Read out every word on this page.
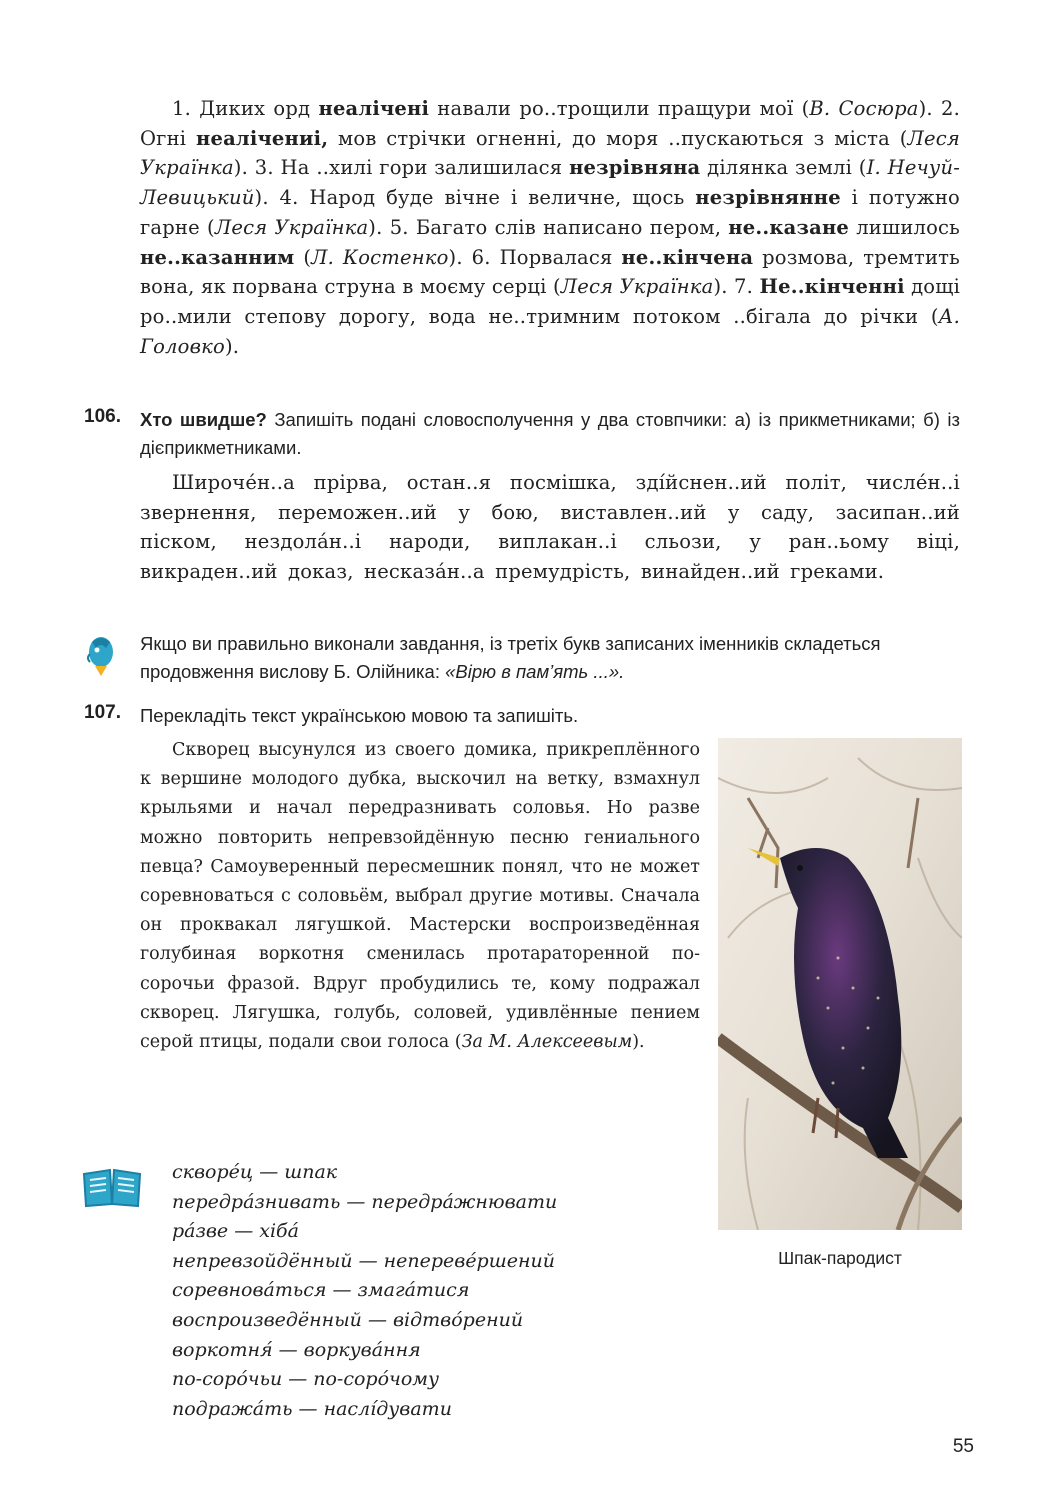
1. Диких орд неалічені навали ро..трощили пращури мої (В. Сосюра). 2. Огні неалічениі, мов стрічки огненні, до моря ..пускаються з міста (Леся Українка). 3. На ..хилі гори залишилася незрівняна ділянка землі (І. Нечуй-Левицький). 4. Народ буде вічне і величне, щось незрівнянне і потужно гарне (Леся Українка). 5. Багато слів написано пером, не..казане лишилось не..казанним (Л. Костенко). 6. Порвалася не..кінчена розмова, тремтить вона, як порвана струна в моєму серці (Леся Українка). 7. Не..кінченні дощі ро..мили степову дорогу, вода не..тримним потоком ..бігала до річки (А. Головко).
106. Хто швидше? Запишіть подані словосполучення у два стовпчики: а) із прикметниками; б) із дієприкметниками.
Широче́н..а прірва, остан..я посмішка, зді́йснен..ий політ, числе́н..і звернення, переможен..ий у бою, виставлен..ий у саду, засипан..ий піском, нездола́н..і народи, виплакан..і сльози, у ран..ьому віці, викраден..ий доказ, несказа́н..а премудрість, винайден..ий греками.
Якщо ви правильно виконали завдання, із третіх букв записаних іменників складеться продовження вислову Б. Олійника: «Вірю в пам’ять ...».
107. Перекладіть текст українською мовою та запишіть.
Скворец высунулся из своего домика, прикреплённого к вершине молодого дубка, выскочил на ветку, взмахнул крыльями и начал передразнивать соловья. Но разве можно повторить непревзойдённую песню гениального певца? Самоуверенный пересмешник понял, что не может соревноваться с соловьём, выбрал другие мотивы. Сначала он проквакал лягушкой. Мастерски воспроизведённая голубиная воркотня сменилась протараторенной по-сорочьи фразой. Вдруг пробудились те, кому подражал скворец. Лягушка, голубь, соловей, удивлённые пением серой птицы, подали свои голоса (За М. Алексеевым).
Шпак-пародист
скворе́ц — шпак
передра́знивать — передра́жнювати
ра́зве — хіба́
непревзойдённый — неперевéршений
соревнова́ться — змага́тися
воспроизведённый — відтво́рений
воркотня́ — воркува́ння
по-соро́чьи — по-соро́чому
подража́ть — наслі́дувати
55
